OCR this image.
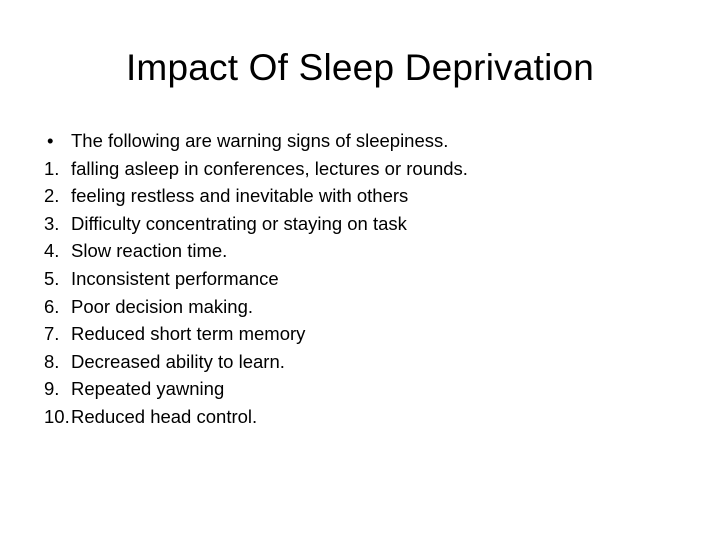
Impact Of Sleep Deprivation
• The following are warning signs of sleepiness.
1. falling asleep in conferences, lectures or rounds.
2. feeling restless and inevitable with others
3. Difficulty concentrating or staying on task
4. Slow reaction time.
5. Inconsistent performance
6. Poor decision making.
7. Reduced short term memory
8. Decreased ability to learn.
9. Repeated yawning
10. Reduced head control.
